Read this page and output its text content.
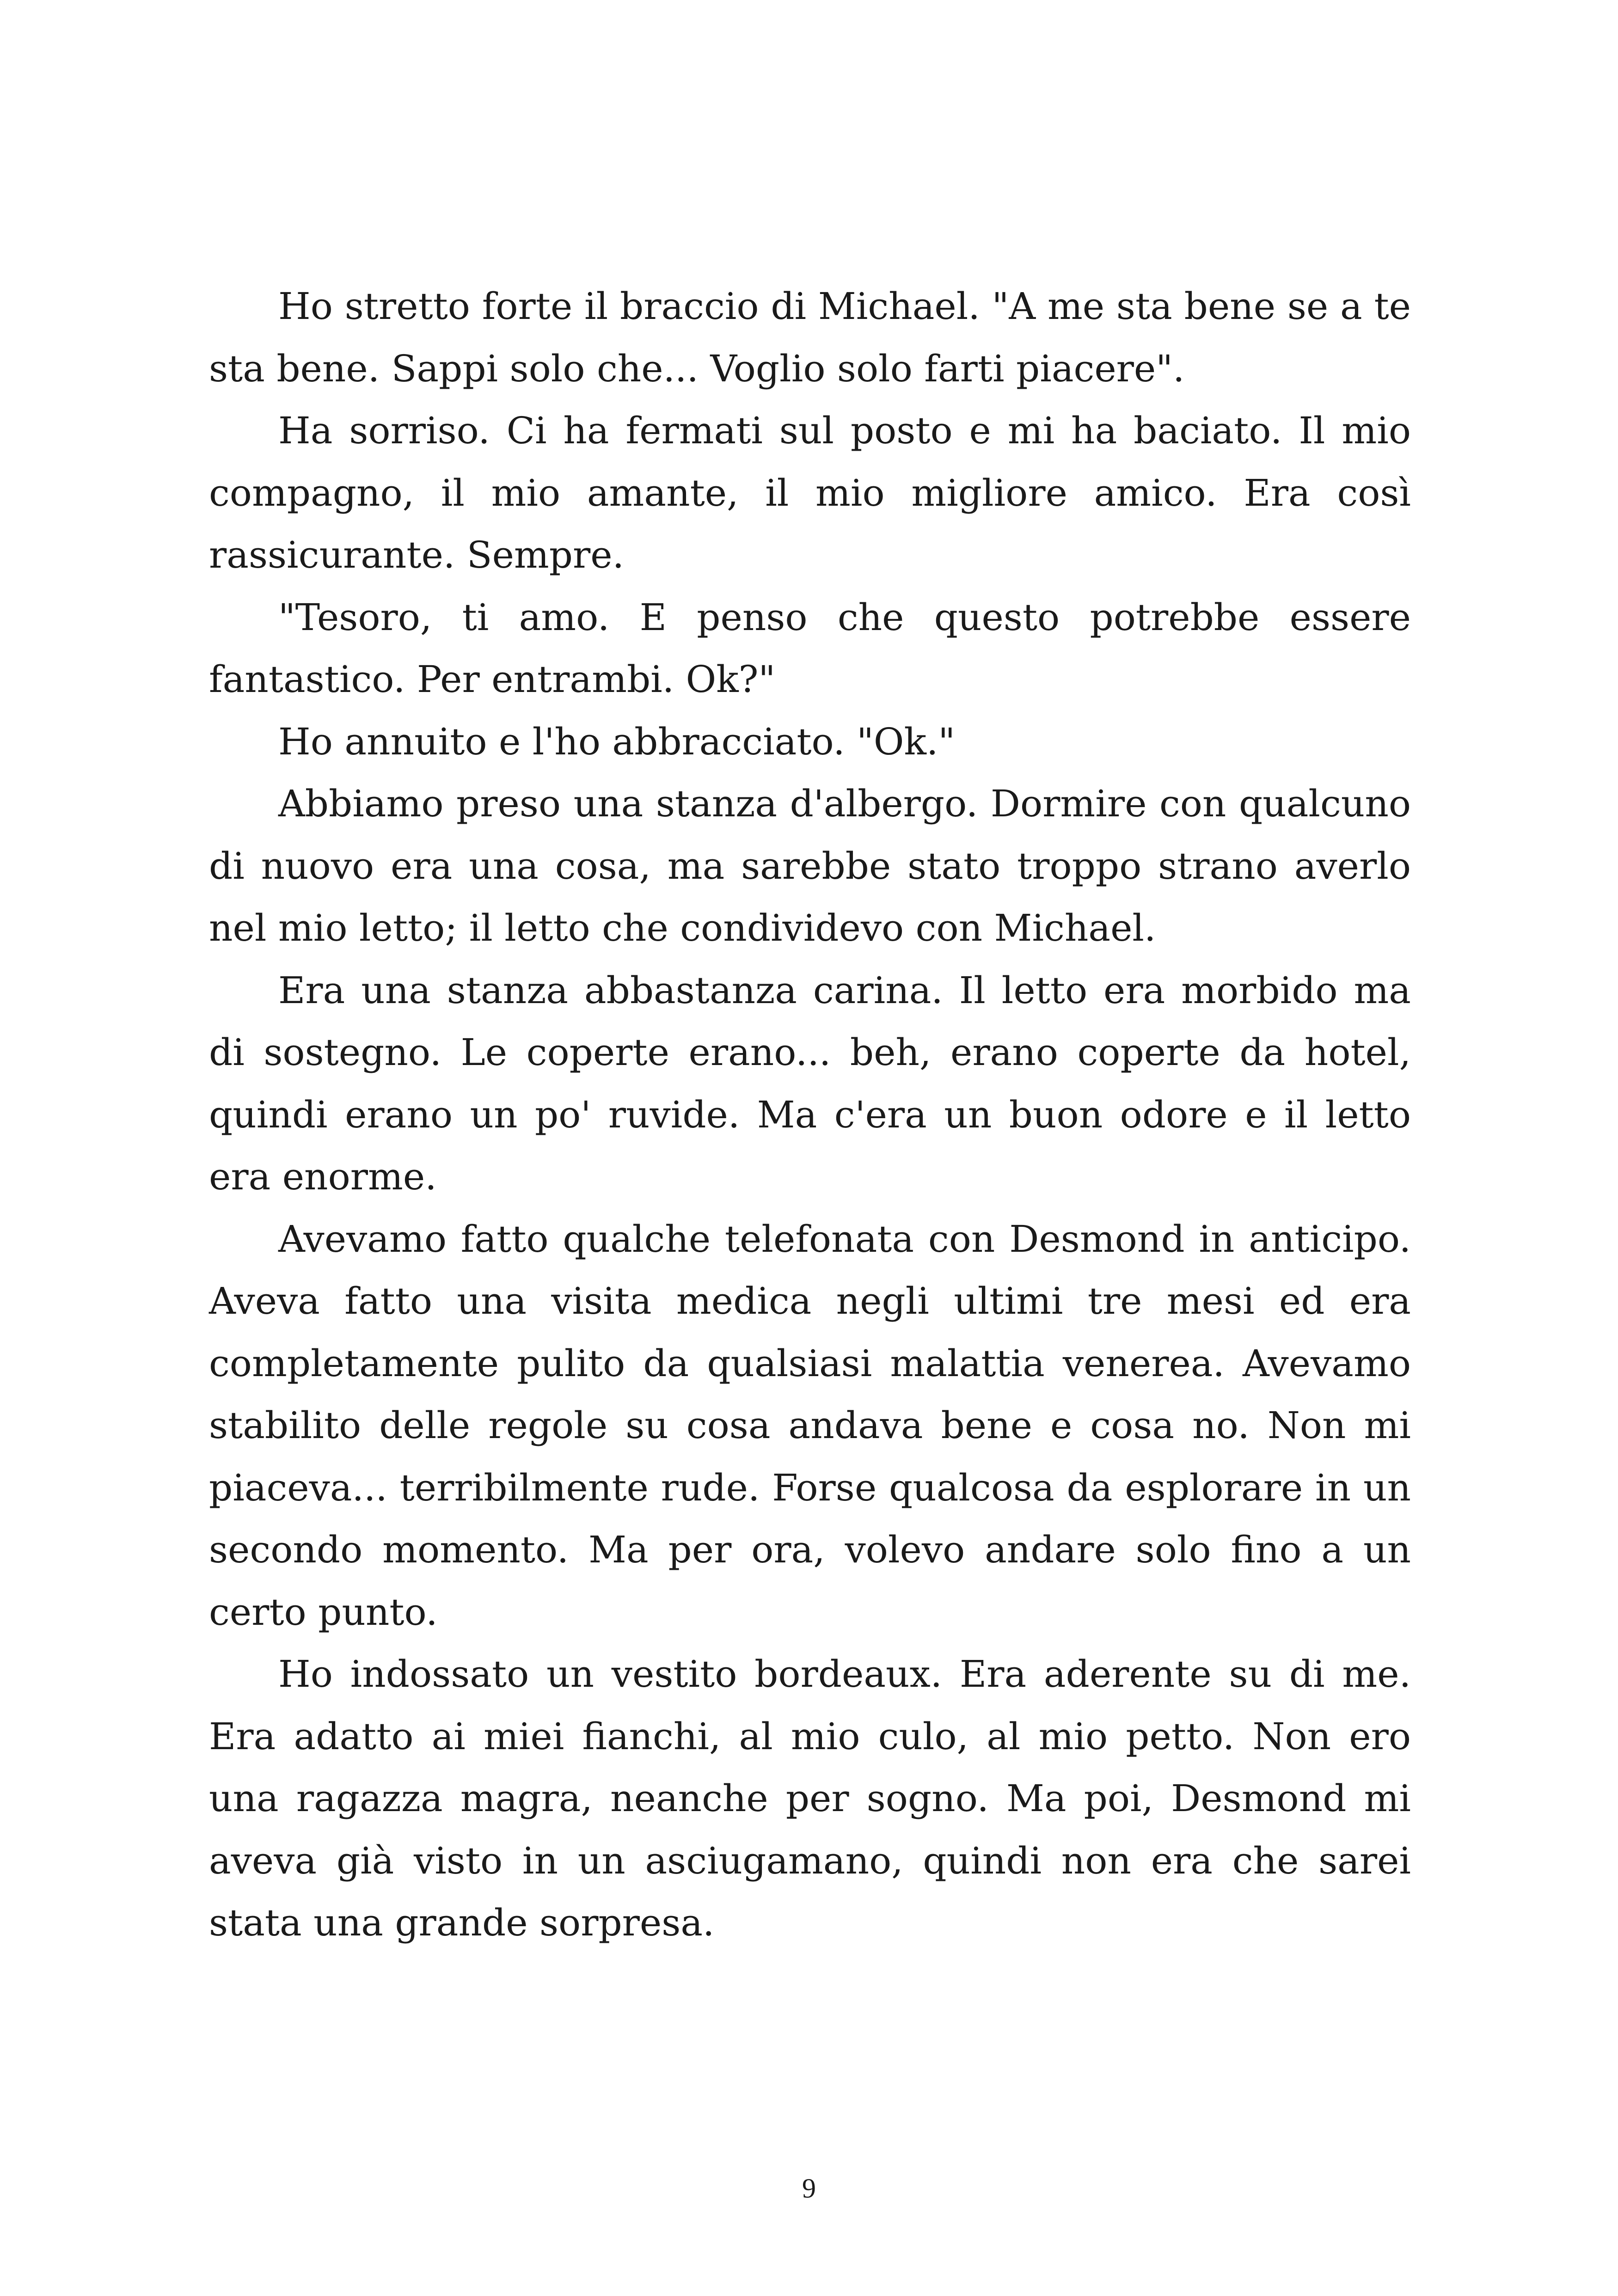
Ho stretto forte il braccio di Michael. "A me sta bene se a te sta bene. Sappi solo che... Voglio solo farti piacere".

Ha sorriso. Ci ha fermati sul posto e mi ha baciato. Il mio compagno, il mio amante, il mio migliore amico. Era così rassicurante. Sempre.

"Tesoro, ti amo. E penso che questo potrebbe essere fantastico. Per entrambi. Ok?"

Ho annuito e l'ho abbracciato. "Ok."

Abbiamo preso una stanza d'albergo. Dormire con qualcuno di nuovo era una cosa, ma sarebbe stato troppo strano averlo nel mio letto; il letto che condividevo con Michael.

Era una stanza abbastanza carina. Il letto era morbido ma di sostegno. Le coperte erano... beh, erano coperte da hotel, quindi erano un po' ruvide. Ma c'era un buon odore e il letto era enorme.

Avevamo fatto qualche telefonata con Desmond in anticipo. Aveva fatto una visita medica negli ultimi tre mesi ed era completamente pulito da qualsiasi malattia venerea. Avevamo stabilito delle regole su cosa andava bene e cosa no. Non mi piaceva... terribilmente rude. Forse qualcosa da esplorare in un secondo momento. Ma per ora, volevo andare solo fino a un certo punto.

Ho indossato un vestito bordeaux. Era aderente su di me. Era adatto ai miei fianchi, al mio culo, al mio petto. Non ero una ragazza magra, neanche per sogno. Ma poi, Desmond mi aveva già visto in un asciugamano, quindi non era che sarei stata una grande sorpresa.

9
